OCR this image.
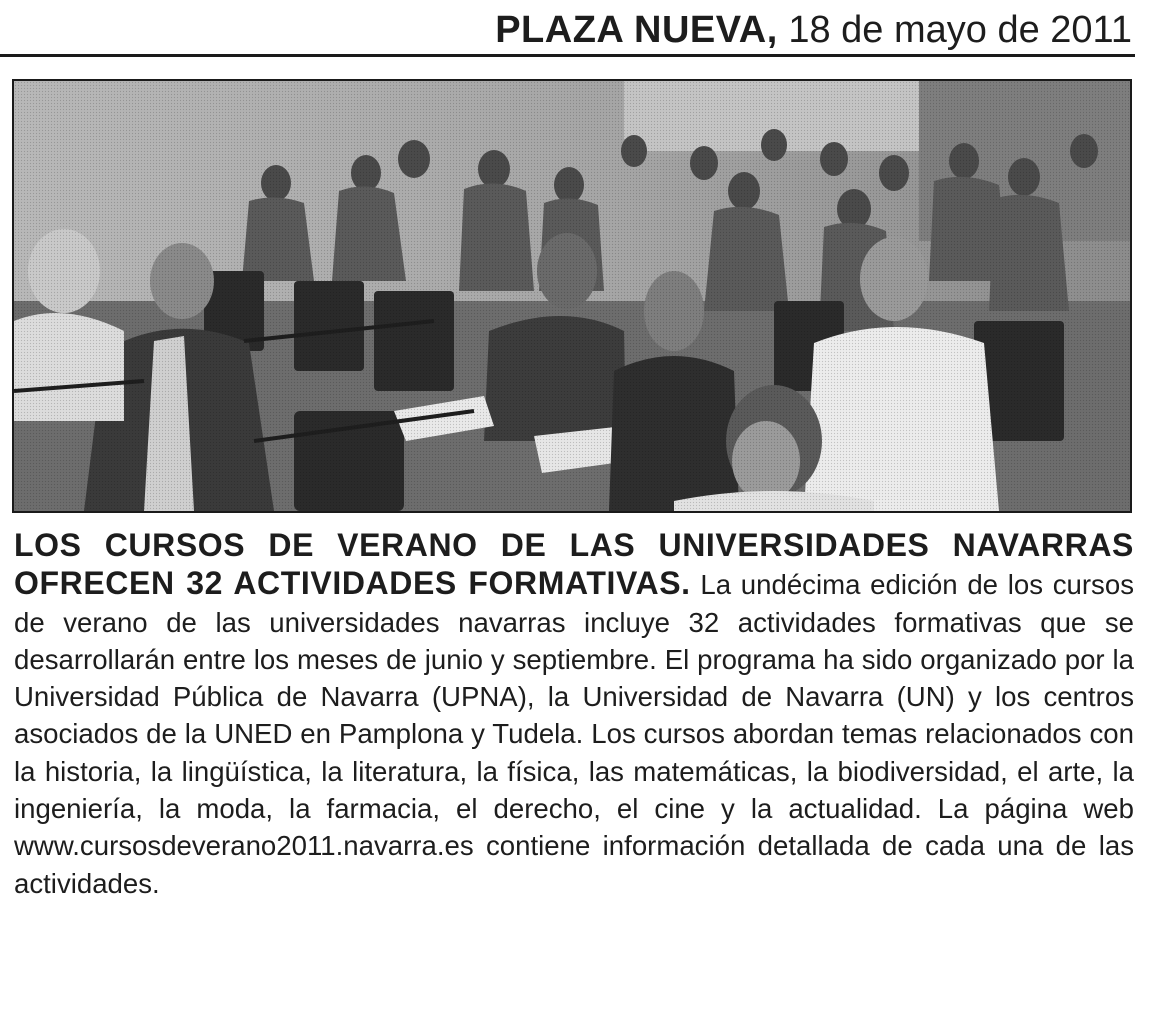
PLAZA NUEVA, 18 de mayo de 2011
LOS CURSOS DE VERANO DE LAS UNIVERSIDADES NAVARRAS OFRECEN 32 ACTIVIDADES FORMATIVAS. La undécima edición de los cursos de verano de las universidades navarras incluye 32 actividades formativas que se desarrollarán entre los meses de junio y septiembre. El programa ha sido organizado por la Universidad Pública de Navarra (UPNA), la Universidad de Navarra (UN) y los centros asociados de la UNED en Pamplona y Tudela. Los cursos abordan temas relacionados con la historia, la lingüística, la literatura, la física, las matemáticas, la biodiversidad, el arte, la ingeniería, la moda, la farmacia, el derecho, el cine y la actualidad. La página web www.cursosdeverano2011.navarra.es contiene información detallada de cada una de las actividades.
